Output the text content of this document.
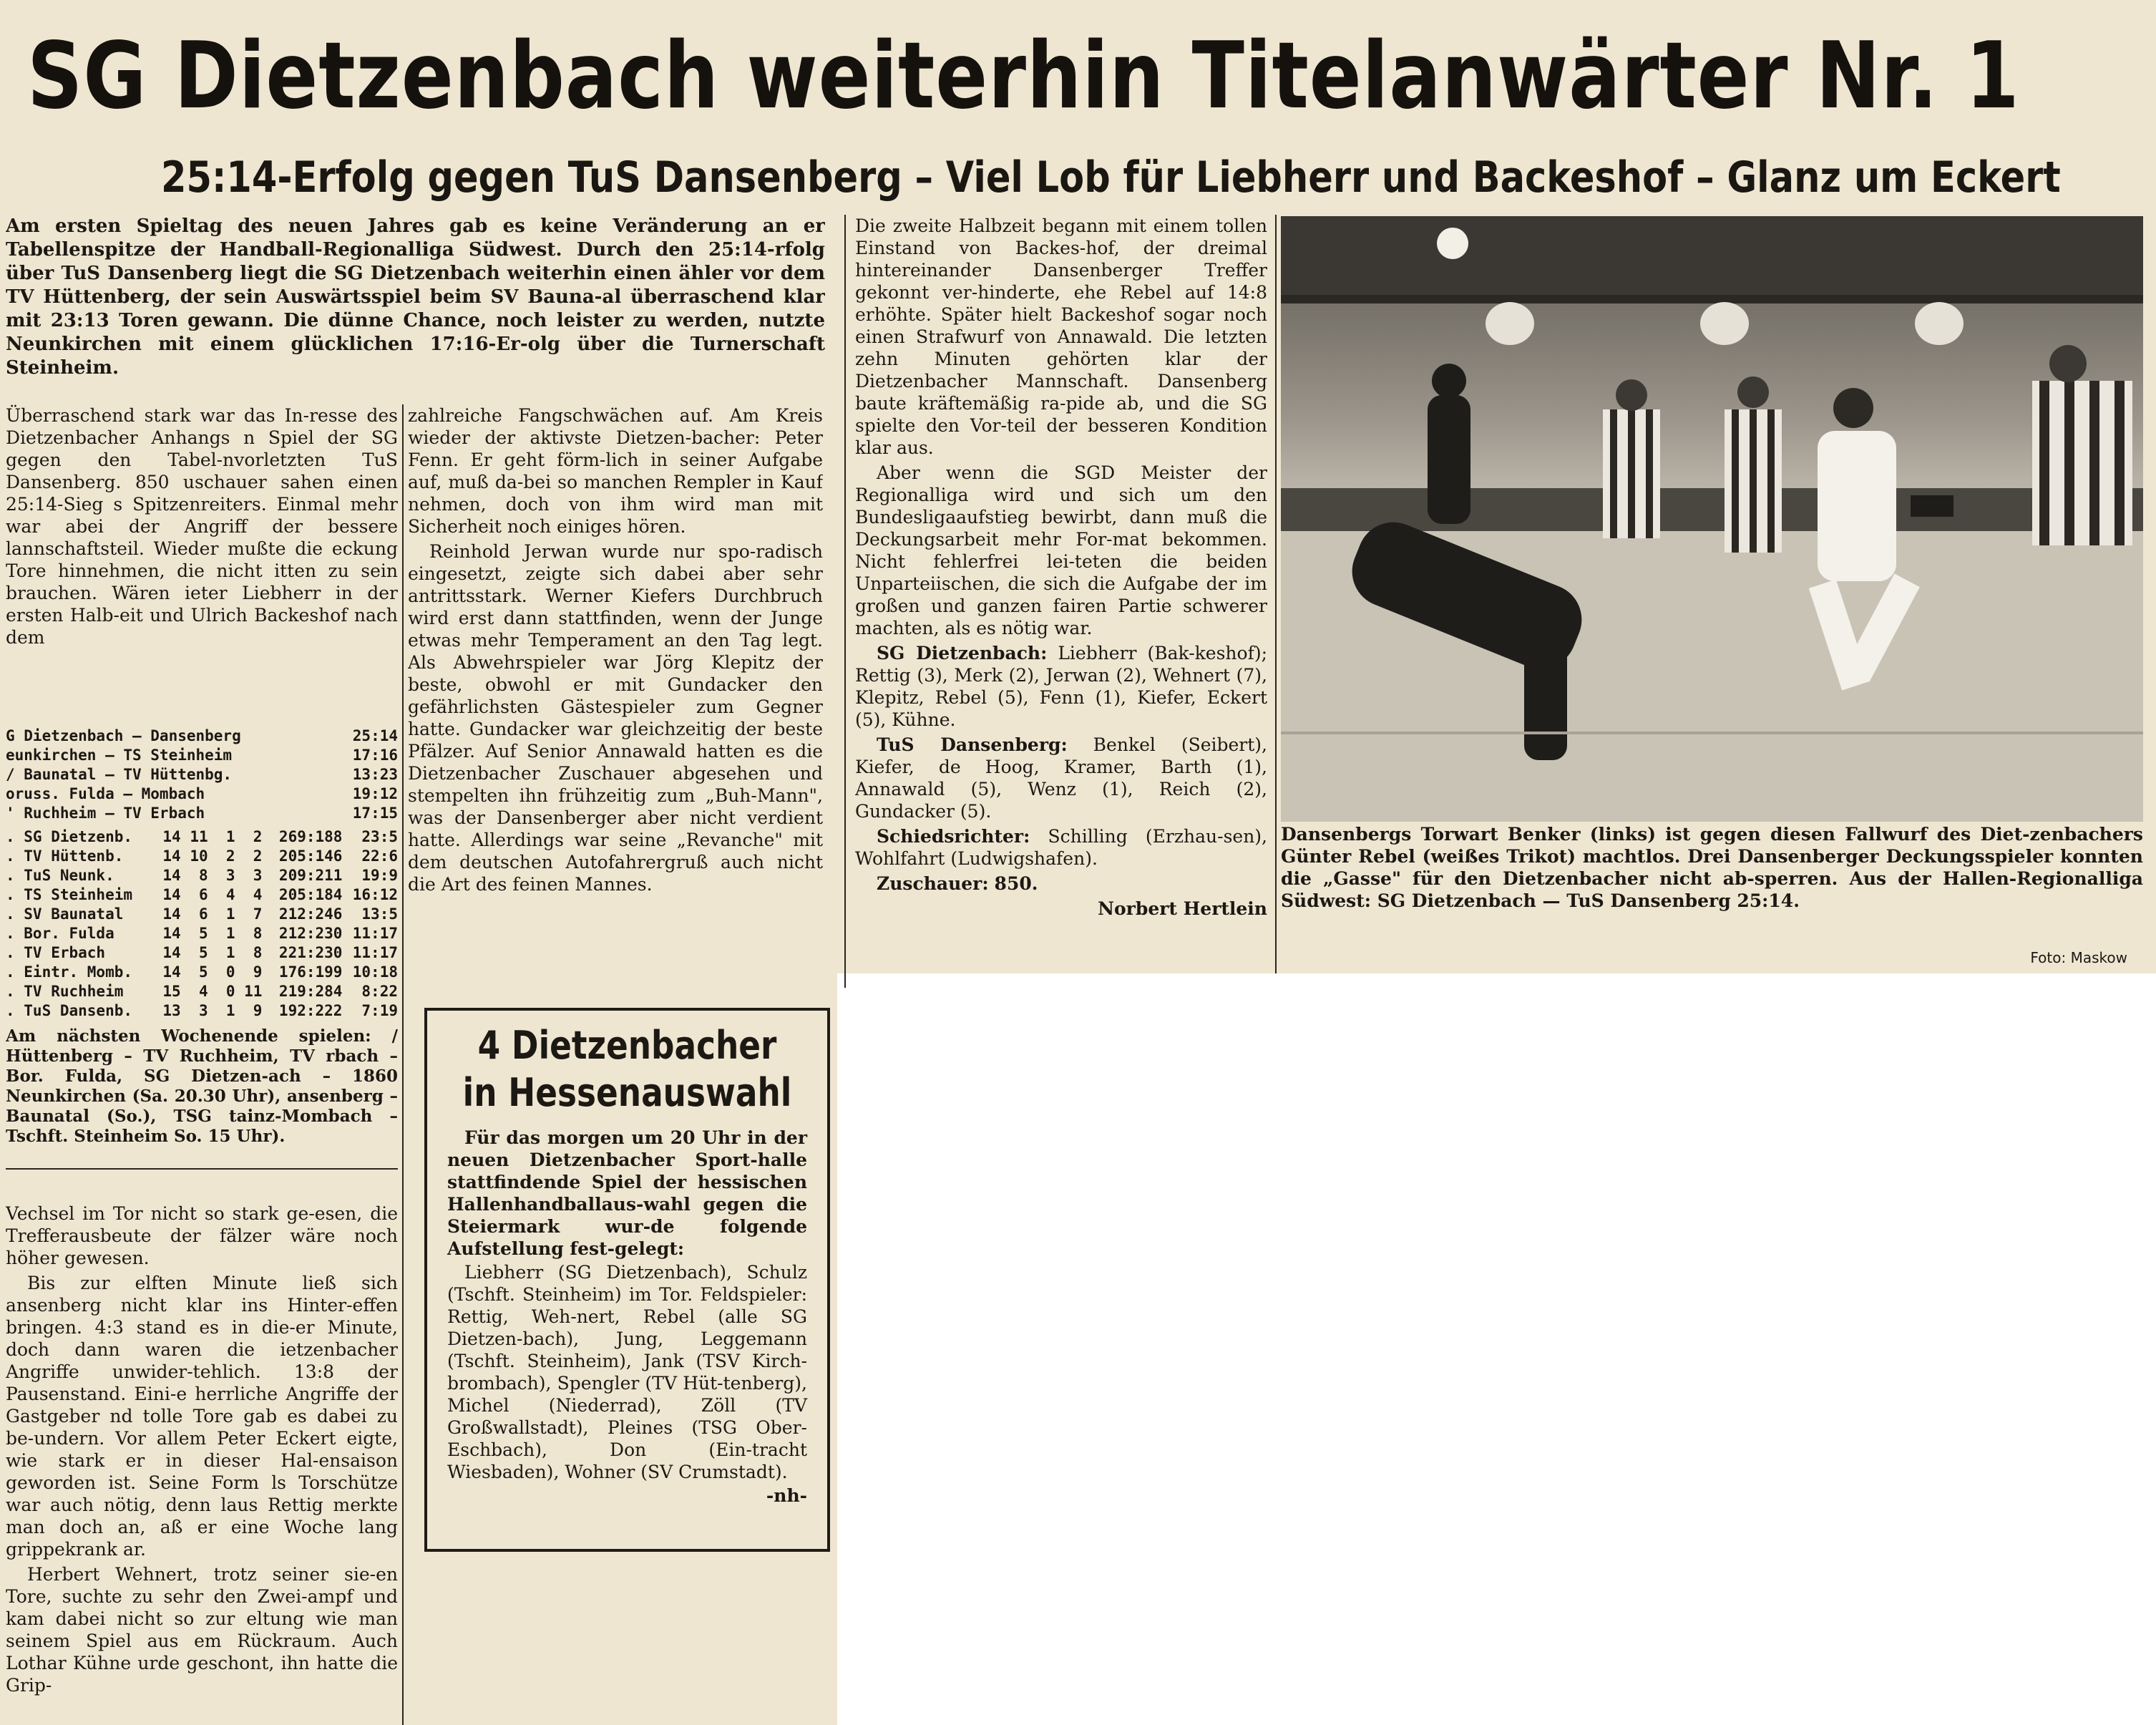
SG Dietzenbach weiterhin Titelanwärter Nr. 1
25:14-Erfolg gegen TuS Dansenberg – Viel Lob für Liebherr und Backeshof – Glanz um Eckert

Am ersten Spieltag des neuen Jahres gab es keine Veränderung an er Tabellenspitze der Handball-Regionalliga Südwest. Durch den 25:14-rfolg über TuS Dansenberg liegt die SG Dietzenbach weiterhin einen ähler vor dem TV Hüttenberg, der sein Auswärtsspiel beim SV Bauna-al überraschend klar mit 23:13 Toren gewann. Die dünne Chance, noch leister zu werden, nutzte Neunkirchen mit einem glücklichen 17:16-Er-olg über die Turnerschaft Steinheim.

Überraschend stark war das In-resse des Dietzenbacher Anhangs n Spiel der SG gegen den Tabel-nvorletzten TuS Dansenberg. 850 uschauer sahen einen 25:14-Sieg s Spitzenreiters. Einmal mehr war abei der Angriff der bessere lannschaftsteil. Wieder mußte die eckung Tore hinnehmen, die nicht itten zu sein brauchen. Wären ieter Liebherr in der ersten Halb-eit und Ulrich Backeshof nach dem

G Dietzenbach – Dansenberg	25:14
eunkirchen – TS Steinheim	17:16
/ Baunatal – TV Hüttenbg.	13:23
oruss. Fulda – Mombach	19:12
' Ruchheim – TV Erbach	17:15
. SG Dietzenb.	14 11	1	2	269:188	23:5
. TV Hüttenb.	14 10	2	2	205:146	22:6
. TuS Neunk.	14	8	3	3	209:211	19:9
. TS Steinheim	14	6	4	4	205:184 16:12
. SV Baunatal	14	6	1	7	212:246	13:5
. Bor. Fulda	14	5	1	8	212:230 11:17
. TV Erbach	14	5	1	8	221:230 11:17
. Eintr. Momb.	14	5	0	9	176:199 10:18
. TV Ruchheim	15	4	0 11	219:284	8:22
. TuS Dansenb.	13	3	1	9	192:222	7:19
Am nächsten Wochenende spielen: / Hüttenberg – TV Ruchheim, TV rbach – Bor. Fulda, SG Dietzen-ach – 1860 Neunkirchen (Sa. 20.30 Uhr), ansenberg – Baunatal (So.), TSG tainz-Mombach – Tschft. Steinheim So. 15 Uhr).

Vechsel im Tor nicht so stark ge-esen, die Trefferausbeute der fälzer wäre noch höher gewesen.

Bis zur elften Minute ließ sich ansenberg nicht klar ins Hinter-effen bringen. 4:3 stand es in die-er Minute, doch dann waren die ietzenbacher Angriffe unwider-tehlich. 13:8 der Pausenstand. Eini-e herrliche Angriffe der Gastgeber nd tolle Tore gab es dabei zu be-undern. Vor allem Peter Eckert eigte, wie stark er in dieser Hal-ensaison geworden ist. Seine Form ls Torschütze war auch nötig, denn laus Rettig merkte man doch an, aß er eine Woche lang grippekrank ar.

Herbert Wehnert, trotz seiner sie-en Tore, suchte zu sehr den Zwei-ampf und kam dabei nicht so zur eltung wie man seinem Spiel aus em Rückraum. Auch Lothar Kühne urde geschont, ihn hatte die Grip-

zahlreiche Fangschwächen auf. Am Kreis wieder der aktivste Dietzen-bacher: Peter Fenn. Er geht förm-lich in seiner Aufgabe auf, muß da-bei so manchen Rempler in Kauf nehmen, doch von ihm wird man mit Sicherheit noch einiges hören.

Reinhold Jerwan wurde nur spo-radisch eingesetzt, zeigte sich dabei aber sehr antrittsstark. Werner Kiefers Durchbruch wird erst dann stattfinden, wenn der Junge etwas mehr Temperament an den Tag legt. Als Abwehrspieler war Jörg Klepitz der beste, obwohl er mit Gundacker den gefährlichsten Gästespieler zum Gegner hatte. Gundacker war gleichzeitig der beste Pfälzer. Auf Senior Annawald hatten es die Dietzenbacher Zuschauer abgesehen und stempelten ihn frühzeitig zum „Buh-Mann", was der Dansenberger aber nicht verdient hatte. Allerdings war seine „Revanche" mit dem deutschen Autofahrergruß auch nicht die Art des feinen Mannes.

Die zweite Halbzeit begann mit einem tollen Einstand von Backes-hof, der dreimal hintereinander Dansenberger Treffer gekonnt ver-hinderte, ehe Rebel auf 14:8 erhöhte. Später hielt Backeshof sogar noch einen Strafwurf von Annawald. Die letzten zehn Minuten gehörten klar der Dietzenbacher Mannschaft. Dansenberg baute kräftemäßig ra-pide ab, und die SG spielte den Vor-teil der besseren Kondition klar aus.

Aber wenn die SGD Meister der Regionalliga wird und sich um den Bundesligaaufstieg bewirbt, dann muß die Deckungsarbeit mehr For-mat bekommen. Nicht fehlerfrei lei-teten die beiden Unparteiischen, die sich die Aufgabe der im großen und ganzen fairen Partie schwerer machten, als es nötig war.

SG Dietzenbach: Liebherr (Bak-keshof); Rettig (3), Merk (2), Jerwan (2), Wehnert (7), Klepitz, Rebel (5), Fenn (1), Kiefer, Eckert (5), Kühne.

TuS Dansenberg: Benkel (Seibert), Kiefer, de Hoog, Kramer, Barth (1), Annawald (5), Wenz (1), Reich (2), Gundacker (5).

Schiedsrichter: Schilling (Erzhau-sen), Wohlfahrt (Ludwigshafen).

Zuschauer: 850.

Norbert Hertlein

Dansenbergs Torwart Benker (links) ist gegen diesen Fallwurf des Diet-zenbachers Günter Rebel (weißes Trikot) machtlos. Drei Dansenberger Deckungsspieler konnten die „Gasse" für den Dietzenbacher nicht ab-sperren. Aus der Hallen-Regionalliga Südwest: SG Dietzenbach — TuS Dansenberg 25:14.
Foto: Maskow
4 Dietzenbacher
in Hessenauswahl

Für das morgen um 20 Uhr in der neuen Dietzenbacher Sport-halle stattfindende Spiel der hessischen Hallenhandballaus-wahl gegen die Steiermark wur-de folgende Aufstellung fest-gelegt:

Liebherr (SG Dietzenbach), Schulz (Tschft. Steinheim) im Tor. Feldspieler: Rettig, Weh-nert, Rebel (alle SG Dietzen-bach), Jung, Leggemann (Tschft. Steinheim), Jank (TSV Kirch-brombach), Spengler (TV Hüt-tenberg), Michel (Niederrad), Zöll (TV Großwallstadt), Pleines (TSG Ober-Eschbach), Don (Ein-tracht Wiesbaden), Wohner (SV Crumstadt).

-nh-
